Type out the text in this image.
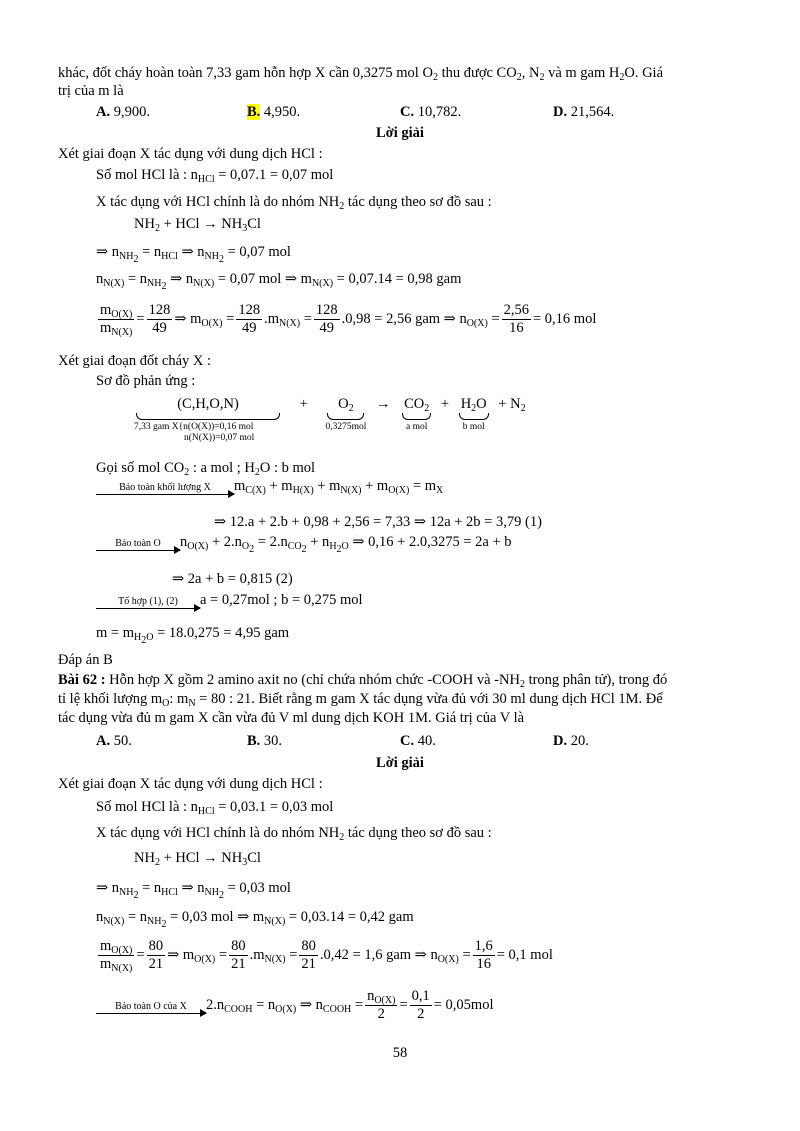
khác, đốt cháy hoàn toàn 7,33 gam hỗn hợp X cần 0,3275 mol $O_2$ thu được $CO_2$, $N_2$ và m gam $H_2O$. Giá
trị của m là
A. 9,900.	B. 4,950.	C. 10,782.	D. 21,564.
Lời giải
Xét giai đoạn X tác dụng với dung dịch HCl :
Số mol HCl là : $n_{HCl} = 0,07.1 = 0,07$ mol
X tác dụng với HCl chính là do nhóm $NH_2$ tác dụng theo sơ đồ sau :
$NH_2$ + HCl → $NH_3Cl$
⇒ $n_{NH_2} = n_{HCl}$ ⇒ $n_{NH_2} = 0,07$ mol
$n_{N(X)} = n_{NH_2}$ ⇒ $n_{N(X)} = 0,07$ mol ⇒ $m_{N(X)} = 0,07.14 = 0,98$ gam
$\frac{m_{O(X)}}{m_{N(X)}} = \frac{128}{49}$ ⇒ $m_{O(X)} = \frac{128}{49} .m_{N(X)} = \frac{128}{49} .0,98 = 2,56$ gam ⇒ $n_{O(X)} = \frac{2,56}{16} = 0,16$ mol
Xét giai đoạn đốt cháy X :
Sơ đồ phản ứng :
(C,H,O,N)
7,33 gam X{n(O(X))=0,16 mol
n(N(X))=0,07 mol
+	$O_2$
0,3275mol
→ $CO_2$
a mol
+ $H_2O$
b mol
+ $N_2$
Gọi số mol $CO_2$ : a mol ; $H_2O$ : b mol
Bảo toàn khối lượng X	$m_{C(X)} + m_{H(X)} + m_{N(X)} + m_{O(X)} = m_X$
⇒ 12.a + 2.b + 0,98 + 2,56 = 7,33 ⇒ 12a + 2b = 3,79 (1)
Bảo toàn O	$n_{O(X)} + 2.n_{O_2} = 2.n_{CO_2} + n_{H_2O}$ ⇒ 0,16 + 2.0,3275 = 2a + b
⇒ 2a + b = 0,815 (2)
Tổ hợp (1), (2)	a = 0,27mol ; b = 0,275 mol
$m = m_{H_2O} = 18.0,275 = 4,95$ gam
Đáp án B
Bài 62 : Hỗn hợp X gồm 2 amino axit no (chỉ chứa nhóm chức -COOH và $-NH_2$ trong phân tử), trong đó
tỉ lệ khối lượng $m_O$: $m_N = 80$ : 21. Biết rằng m gam X tác dụng vừa đủ với 30 ml dung dịch HCl 1M. Để
tác dụng vừa đủ m gam X cần vừa đủ V ml dung dịch KOH 1M. Giá trị của V là
A. 50.	B. 30.	C. 40.	D. 20.
Lời giải
Xét giai đoạn X tác dụng với dung dịch HCl :
Số mol HCl là : $n_{HCl} = 0,03.1 = 0,03$ mol
X tác dụng với HCl chính là do nhóm $NH_2$ tác dụng theo sơ đồ sau :
$NH_2$ + HCl → $NH_3Cl$
⇒ $n_{NH_2} = n_{HCl}$ ⇒ $n_{NH_2} = 0,03$ mol
$n_{N(X)} = n_{NH_2} = 0,03$ mol ⇒ $m_{N(X)} = 0,03.14 = 0,42$ gam
$\frac{m_{O(X)}}{m_{N(X)}} = \frac{80}{21}$ ⇒ $m_{O(X)} = \frac{80}{21} .m_{N(X)} = \frac{80}{21} .0,42 = 1,6$ gam ⇒ $n_{O(X)} = \frac{1,6}{16} = 0,1$ mol
Bảo toàn O của X	$2.n_{COOH} = n_{O(X)}$ ⇒ $n_{COOH} = \frac{n_{O(X)}}{2} = \frac{0,1}{2} = 0,05mol$
58
